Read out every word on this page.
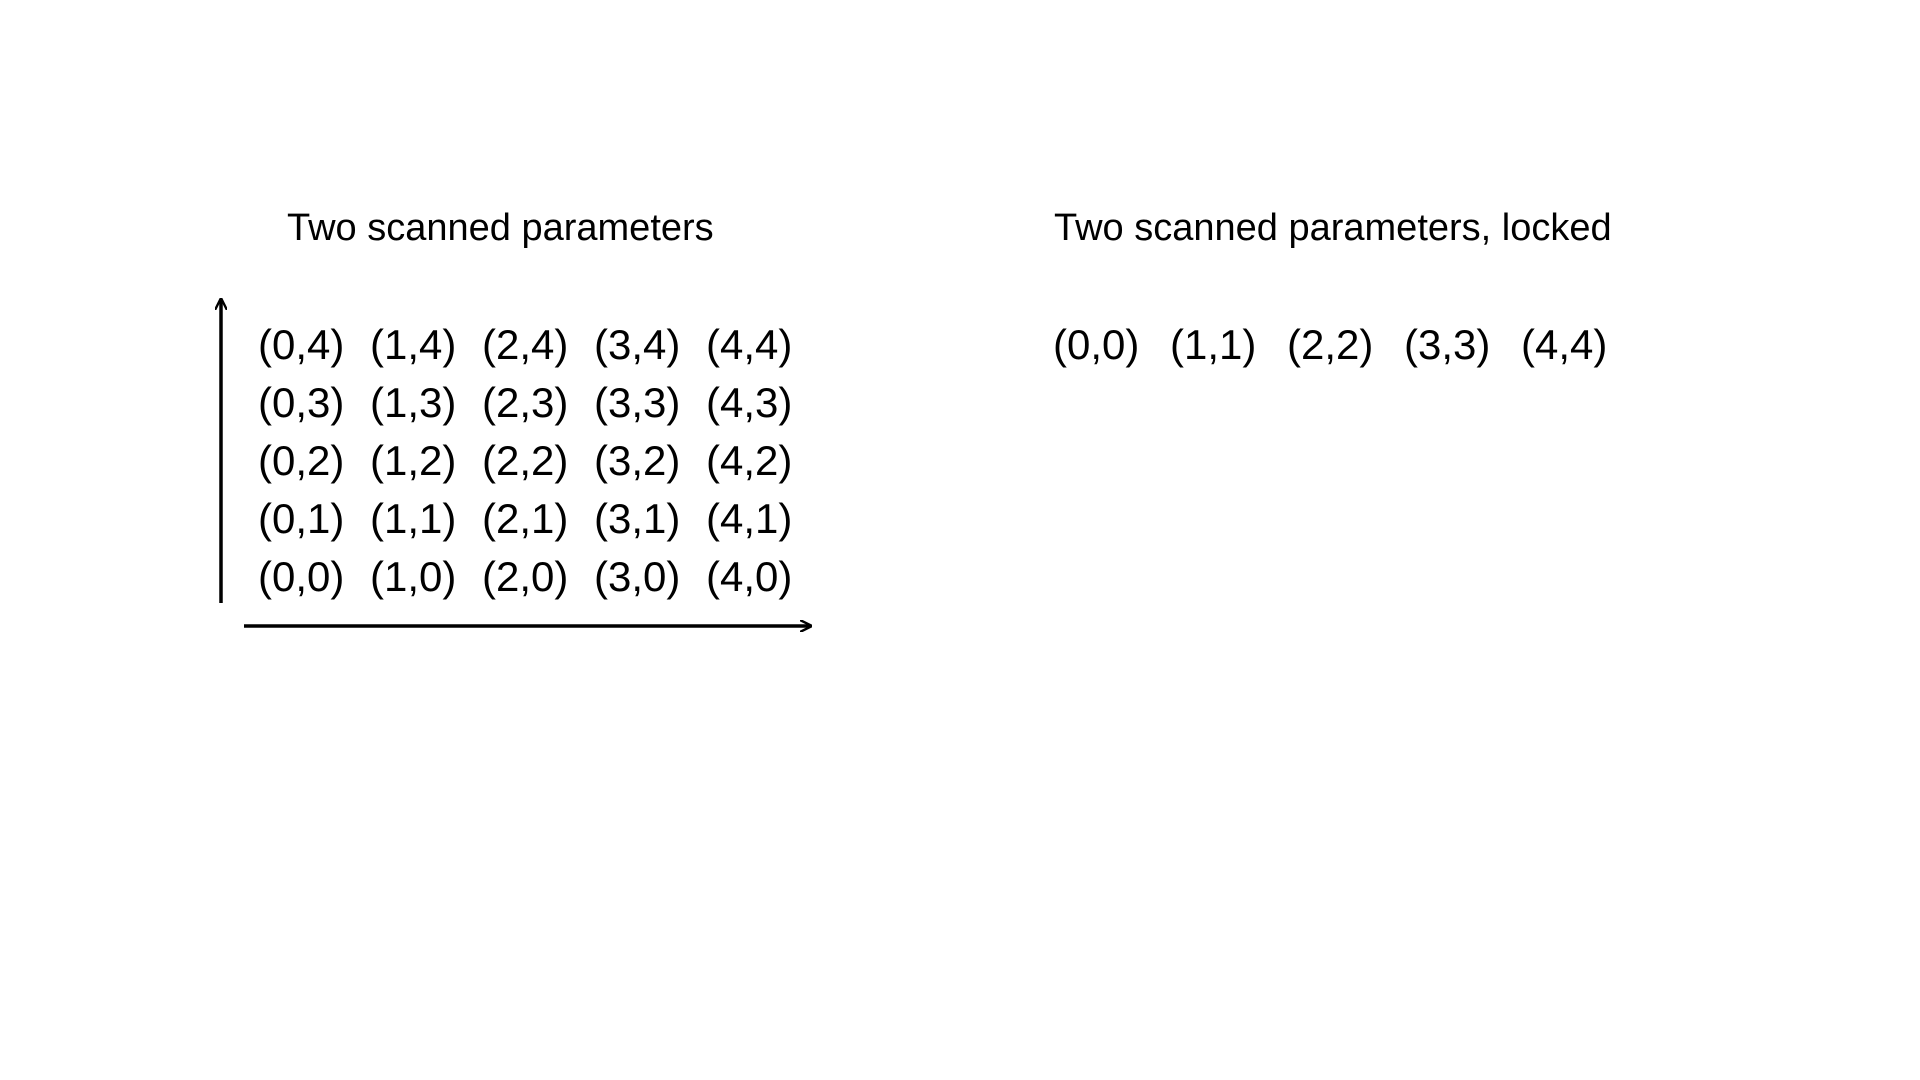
Two scanned parameters	Two scanned parameters, locked
(0,4) (1,4) (2,4) (3,4) (4,4)
(0,3) (1,3) (2,3) (3,3) (4,3)
(0,2) (1,2) (2,2) (3,2) (4,2)
(0,1) (1,1) (2,1) (3,1) (4,1)
(0,0) (1,0) (2,0) (3,0) (4,0)
(0,0) (1,1) (2,2) (3,3) (4,4)
